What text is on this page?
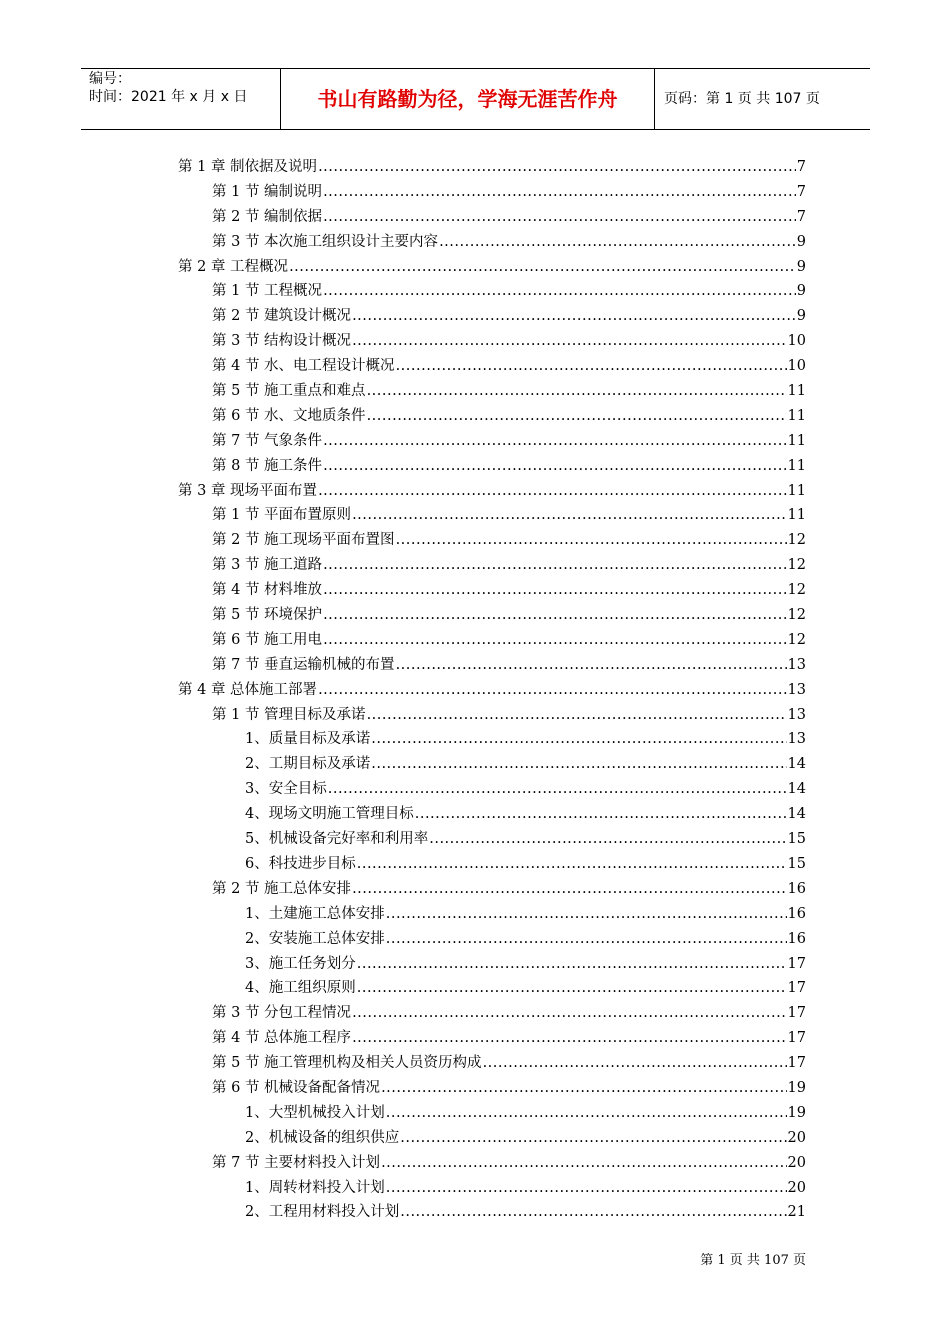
编号：
时间：2021 年 x 月 x 日	书山有路勤为径，学海无涯苦作舟	页码：第 1 页 共 107 页
第 1 章 制依据及说明 .....	7
第 1 节 编制说明 .....	7
第 2 节 编制依据 .....	7
第 3 节 本次施工组织设计主要内容 .....	9
第 2 章 工程概况 .....	9
第 1 节 工程概况 .....	9
第 2 节 建筑设计概况 .....	9
第 3 节 结构设计概况 .....	10
第 4 节 水、电工程设计概况 .....	10
第 5 节 施工重点和难点 .....	11
第 6 节 水、文地质条件 .....	11
第 7 节 气象条件 .....	11
第 8 节 施工条件 .....	11
第 3 章 现场平面布置 .....	11
第 1 节 平面布置原则 .....	11
第 2 节 施工现场平面布置图 .....	12
第 3 节 施工道路 .....	12
第 4 节 材料堆放 .....	12
第 5 节 环境保护 .....	12
第 6 节 施工用电 .....	12
第 7 节 垂直运输机械的布置 .....	13
第 4 章 总体施工部署 .....	13
第 1 节 管理目标及承诺 .....	13
1、 质量目标及承诺 .....	13
2、 工期目标及承诺 .....	14
3、 安全目标 .....	14
4、 现场文明施工管理目标 .....	14
5、 机械设备完好率和利用率 .....	15
6、 科技进步目标 .....	15
第 2 节 施工总体安排 .....	16
1、 土建施工总体安排 .....	16
2、 安装施工总体安排 .....	16
3、 施工任务划分 .....	17
4、 施工组织原则 .....	17
第 3 节 分包工程情况 .....	17
第 4 节 总体施工程序 .....	17
第 5 节 施工管理机构及相关人员资历构成 .....	17
第 6 节 机械设备配备情况 .....	19
1、 大型机械投入计划 .....	19
2、 机械设备的组织供应 .....	20
第 7 节 主要材料投入计划 .....	20
1、 周转材料投入计划 .....	20
2、 工程用材料投入计划 .....	21
第 1 页 共 107 页
